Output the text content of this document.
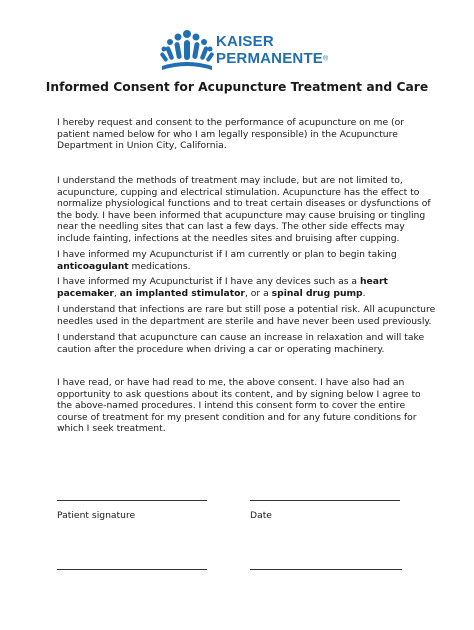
KAISER
PERMANENTE®
Informed Consent for Acupuncture Treatment and Care

I hereby request and consent to the performance of acupuncture on me (or patient named below for who I am legally responsible) in the Acupuncture Department in Union City, California.

I understand the methods of treatment may include, but are not limited to, acupuncture, cupping and electrical stimulation. Acupuncture has the effect to normalize physiological functions and to treat certain diseases or dysfunctions of the body. I have been informed that acupuncture may cause bruising or tingling near the needling sites that can last a few days. The other side effects may include fainting, infections at the needles sites and bruising after cupping.

I have informed my Acupuncturist if I am currently or plan to begin taking anticoagulant medications.

I have informed my Acupuncturist if I have any devices such as a heart pacemaker, an implanted stimulator, or a spinal drug pump.

I understand that infections are rare but still pose a potential risk. All acupuncture needles used in the department are sterile and have never been used previously.

I understand that acupuncture can cause an increase in relaxation and will take caution after the procedure when driving a car or operating machinery.

I have read, or have had read to me, the above consent. I have also had an opportunity to ask questions about its content, and by signing below I agree to the above-named procedures. I intend this consent form to cover the entire course of treatment for my present condition and for any future conditions for which I seek treatment.

Patient signature	Date
